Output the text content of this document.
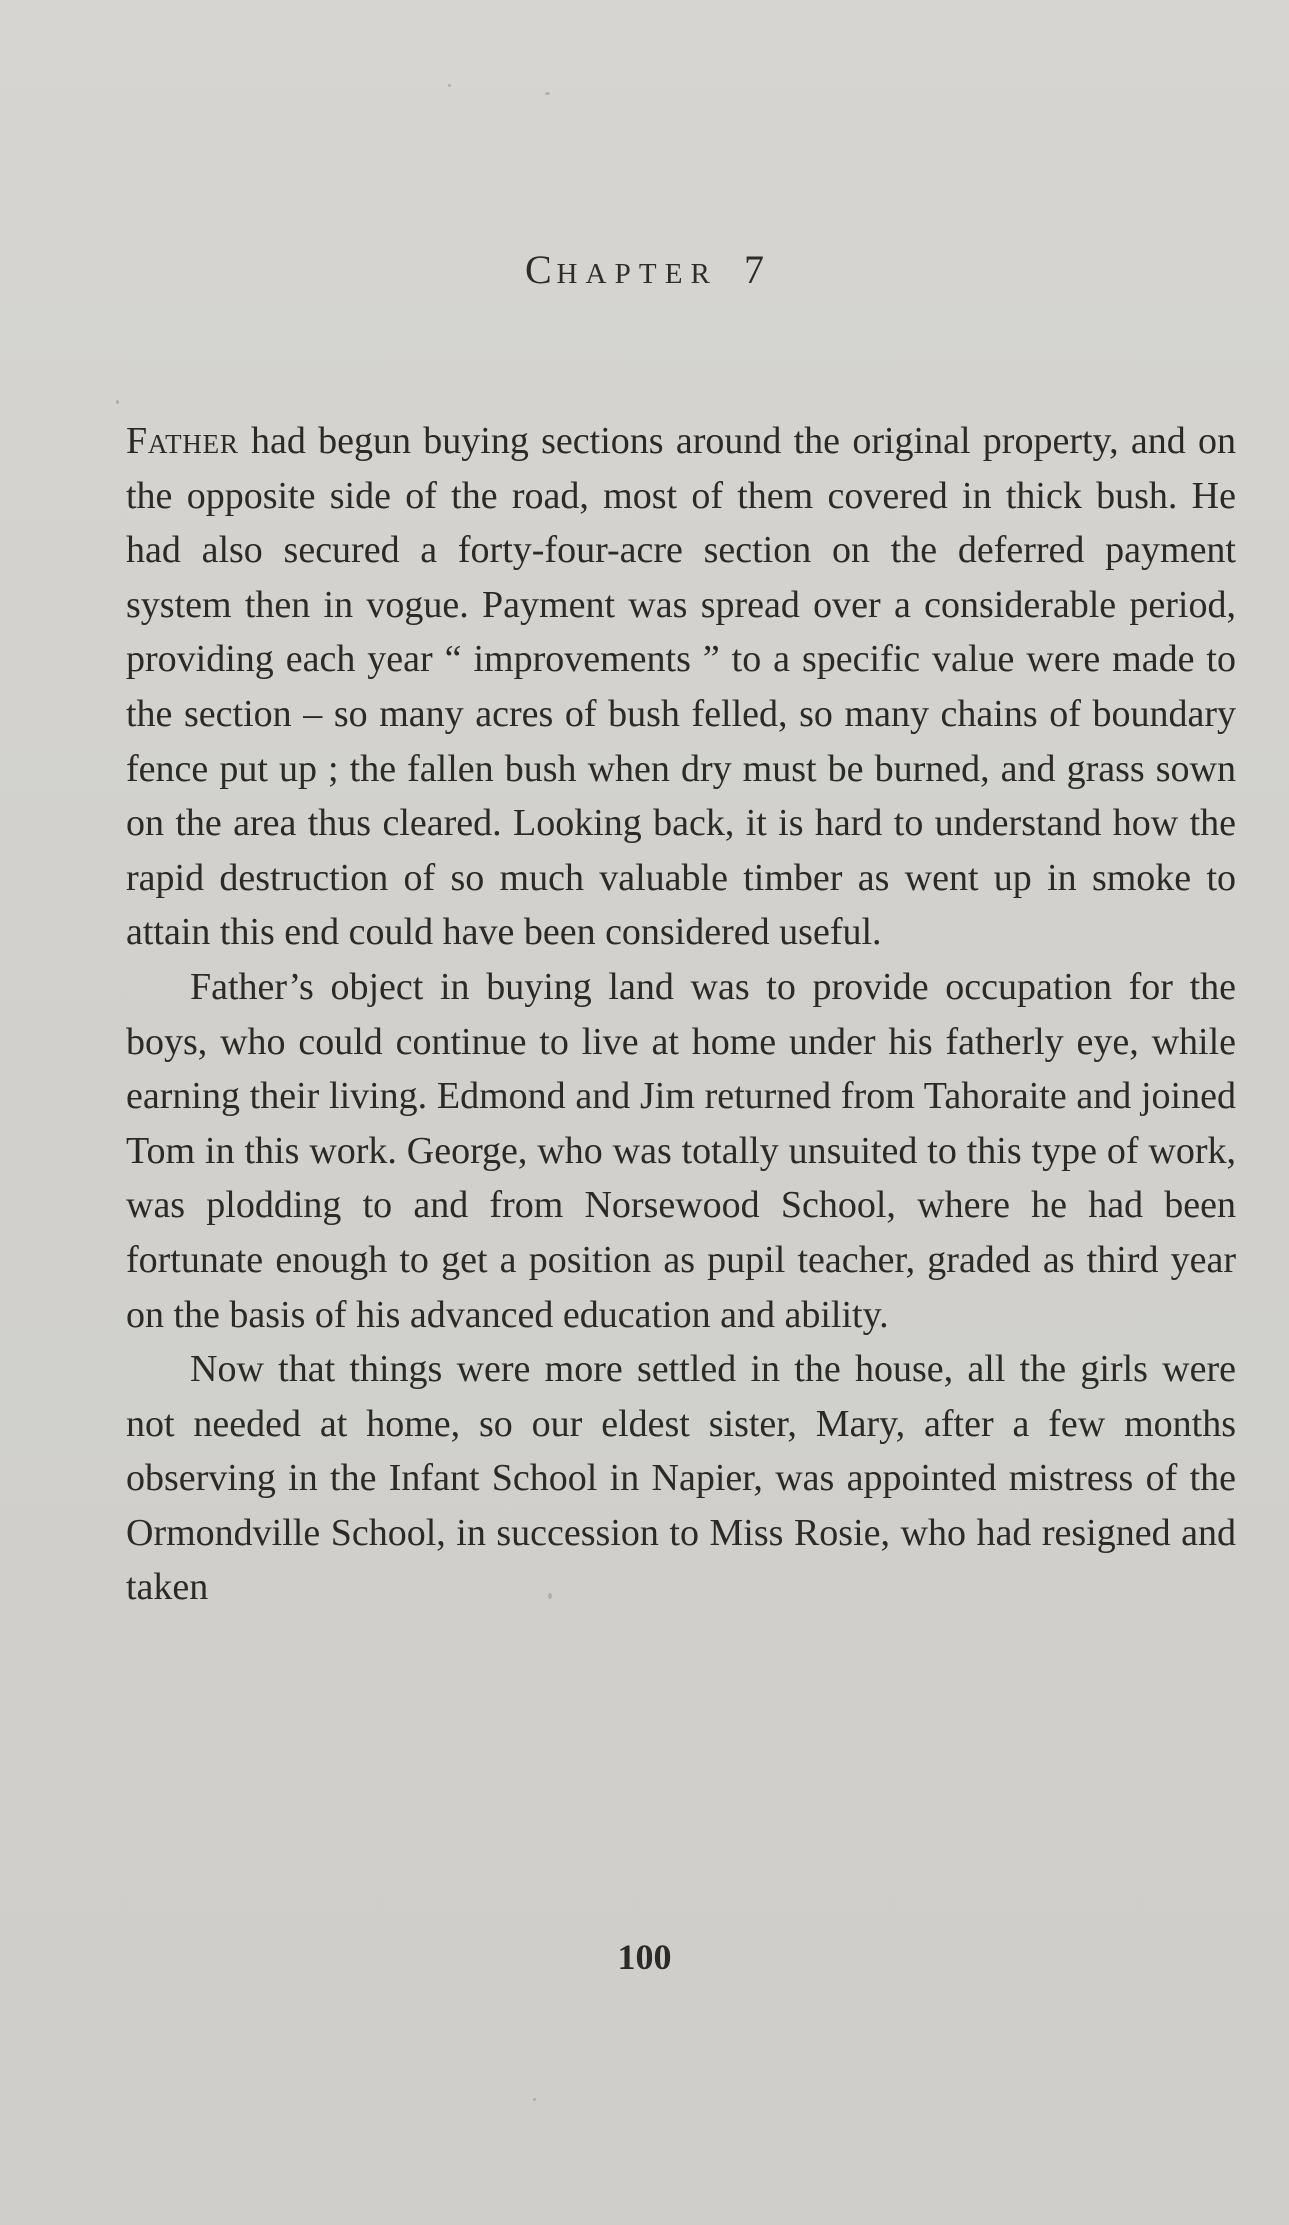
CHAPTER 7

Father had begun buying sections around the original property, and on the opposite side of the road, most of them covered in thick bush. He had also secured a forty-four-acre section on the deferred payment system then in vogue. Payment was spread over a considerable period, providing each year “ improvements ” to a specific value were made to the section – so many acres of bush felled, so many chains of boundary fence put up ; the fallen bush when dry must be burned, and grass sown on the area thus cleared. Looking back, it is hard to understand how the rapid destruction of so much valuable timber as went up in smoke to attain this end could have been considered useful.

Father’s object in buying land was to provide occupation for the boys, who could continue to live at home under his fatherly eye, while earning their living. Edmond and Jim returned from Tahoraite and joined Tom in this work. George, who was totally unsuited to this type of work, was plodding to and from Norsewood School, where he had been fortunate enough to get a position as pupil teacher, graded as third year on the basis of his advanced education and ability.

Now that things were more settled in the house, all the girls were not needed at home, so our eldest sister, Mary, after a few months observing in the Infant School in Napier, was appointed mistress of the Ormondville School, in succession to Miss Rosie, who had resigned and taken

100
